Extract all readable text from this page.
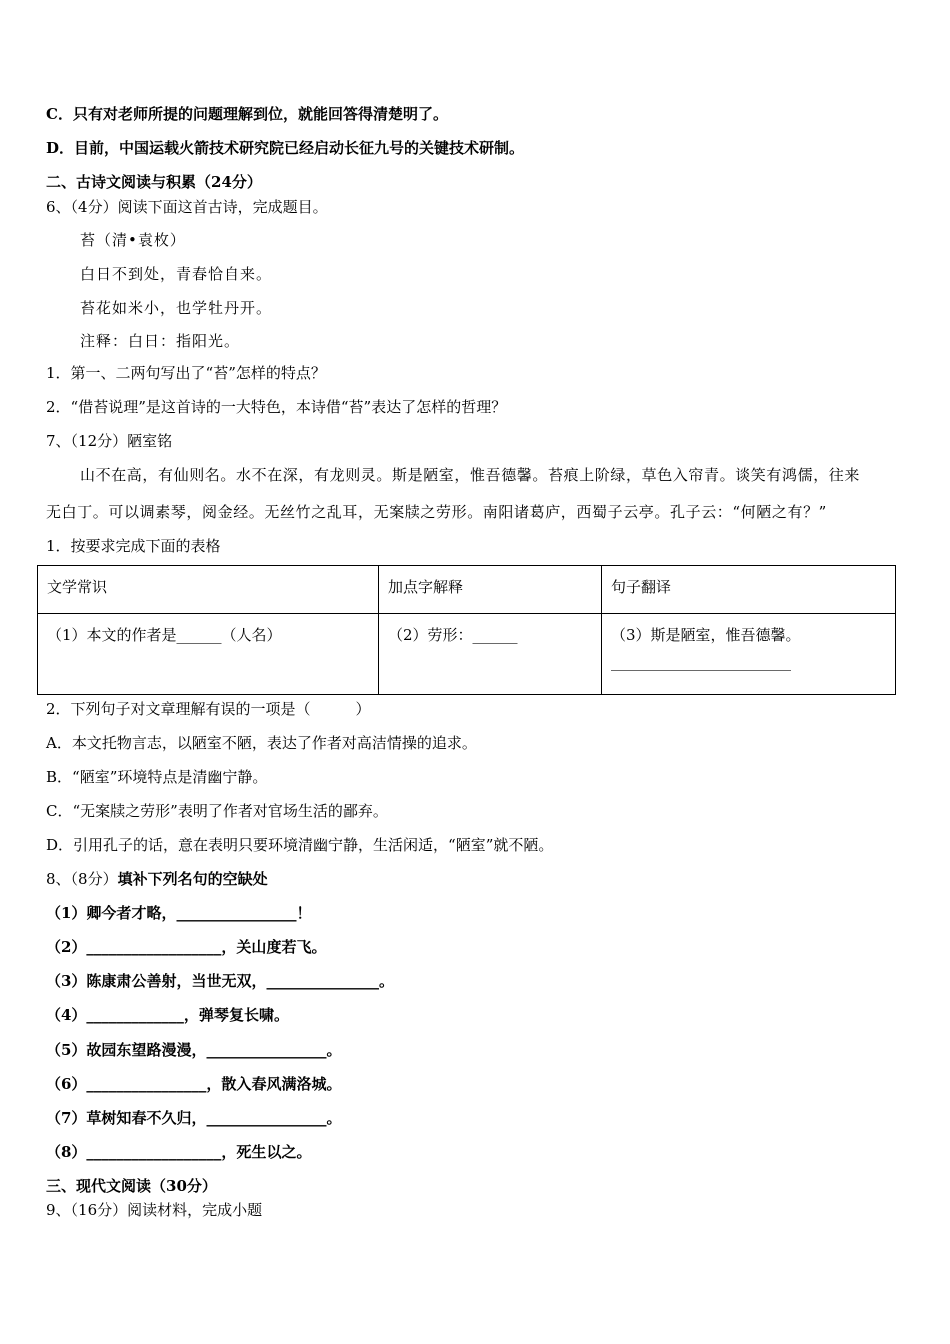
C．只有对老师所提的问题理解到位，就能回答得清楚明了。
D．目前，中国运载火箭技术研究院已经启动长征九号的关键技术研制。
二、古诗文阅读与积累（24分）
6、（4分）阅读下面这首古诗，完成题目。
苔（清•袁枚）
白日不到处，青春恰自来。
苔花如米小，也学牡丹开。
注释：白日：指阳光。
1．第一、二两句写出了“苔”怎样的特点？
2．“借苔说理”是这首诗的一大特色，本诗借“苔”表达了怎样的哲理？
7、（12分）陋室铭
山不在高，有仙则名。水不在深，有龙则灵。斯是陋室，惟吾德馨。苔痕上阶绿，草色入帘青。谈笑有鸿儒，往来
无白丁。可以调素琴，阅金经。无丝竹之乱耳，无案牍之劳形。南阳诸葛庐，西蜀子云亭。孔子云：“何陋之有？”
1．按要求完成下面的表格
文学常识	加点字解释	句子翻译
（1）本文的作者是______（人名）	（2）劳形：______	（3）斯是陋室，惟吾德馨。
________________________
2．下列句子对文章理解有误的一项是（　　　）
A．本文托物言志，以陋室不陋，表达了作者对高洁情操的追求。
B．“陋室”环境特点是清幽宁静。
C．“无案牍之劳形”表明了作者对官场生活的鄙弃。
D．引用孔子的话，意在表明只要环境清幽宁静，生活闲适，“陋室”就不陋。
8、（8分）填补下列名句的空缺处
（1）卿今者才略，________________！
（2）__________________，关山度若飞。
（3）陈康肃公善射，当世无双，_______________。
（4）_____________，弹琴复长啸。
（5）故园东望路漫漫，________________。
（6）________________，散入春风满洛城。
（7）草树知春不久归，________________。
（8）__________________，死生以之。
三、现代文阅读（30分）
9、（16分）阅读材料，完成小题
